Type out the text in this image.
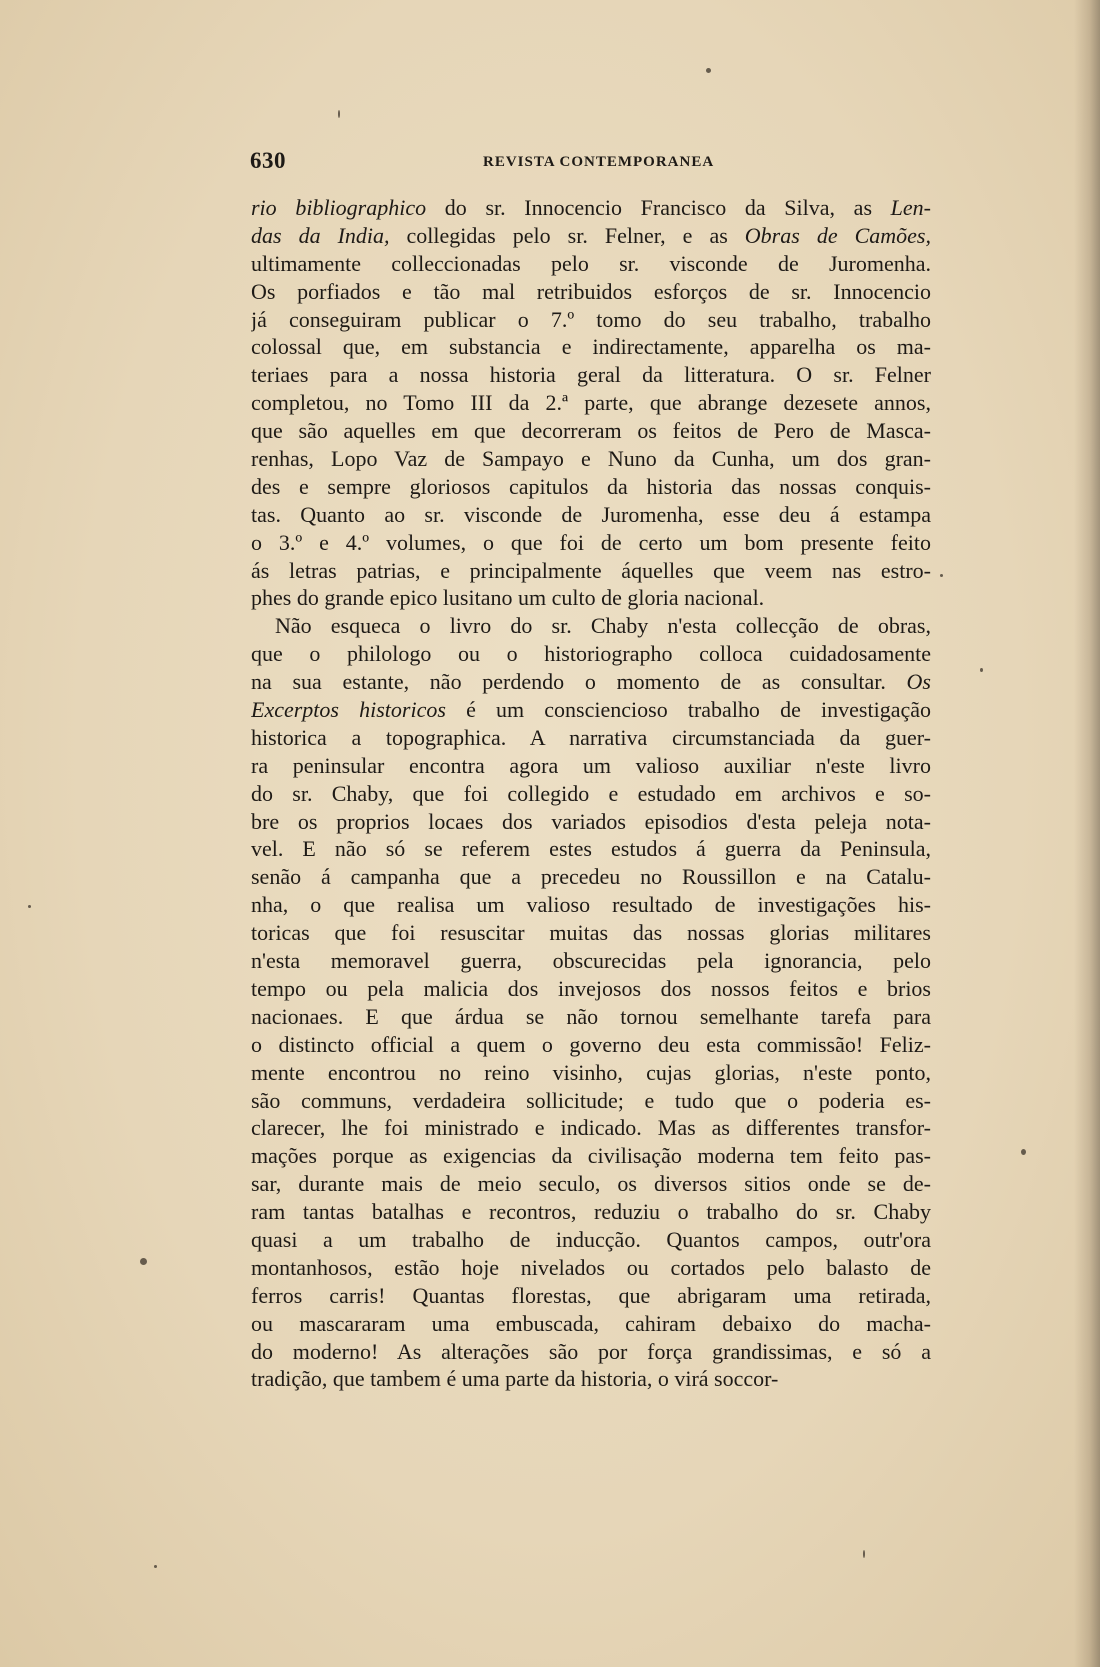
630	REVISTA CONTEMPORANEA
rio bibliographico do sr. Innocencio Francisco da Silva, as Len-
das da India, collegidas pelo sr. Felner, e as Obras de Camões,
ultimamente colleccionadas pelo sr. visconde de Juromenha.
Os porfiados e tão mal retribuidos esforços de sr. Innocencio
já conseguiram publicar o 7.º tomo do seu trabalho, trabalho
colossal que, em substancia e indirectamente, apparelha os ma-
teriaes para a nossa historia geral da litteratura. O sr. Felner
completou, no Tomo III da 2.ª parte, que abrange dezesete annos,
que são aquelles em que decorreram os feitos de Pero de Masca-
renhas, Lopo Vaz de Sampayo e Nuno da Cunha, um dos gran-
des e sempre gloriosos capitulos da historia das nossas conquis-
tas. Quanto ao sr. visconde de Juromenha, esse deu á estampa
o 3.º e 4.º volumes, o que foi de certo um bom presente feito
ás letras patrias, e principalmente áquelles que veem nas estro-
phes do grande epico lusitano um culto de gloria nacional.
Não esqueca o livro do sr. Chaby n'esta collecção de obras,
que o philologo ou o historiographo colloca cuidadosamente
na sua estante, não perdendo o momento de as consultar. Os
Excerptos historicos é um consciencioso trabalho de investigação
historica a topographica. A narrativa circumstanciada da guer-
ra peninsular encontra agora um valioso auxiliar n'este livro
do sr. Chaby, que foi collegido e estudado em archivos e so-
bre os proprios locaes dos variados episodios d'esta peleja nota-
vel. E não só se referem estes estudos á guerra da Peninsula,
senão á campanha que a precedeu no Roussillon e na Catalu-
nha, o que realisa um valioso resultado de investigações his-
toricas que foi resuscitar muitas das nossas glorias militares
n'esta memoravel guerra, obscurecidas pela ignorancia, pelo
tempo ou pela malicia dos invejosos dos nossos feitos e brios
nacionaes. E que árdua se não tornou semelhante tarefa para
o distincto official a quem o governo deu esta commissão! Feliz-
mente encontrou no reino visinho, cujas glorias, n'este ponto,
são communs, verdadeira sollicitude; e tudo que o poderia es-
clarecer, lhe foi ministrado e indicado. Mas as differentes transfor-
mações porque as exigencias da civilisação moderna tem feito pas-
sar, durante mais de meio seculo, os diversos sitios onde se de-
ram tantas batalhas e recontros, reduziu o trabalho do sr. Chaby
quasi a um trabalho de inducção. Quantos campos, outr'ora
montanhosos, estão hoje nivelados ou cortados pelo balasto de
ferros carris! Quantas florestas, que abrigaram uma retirada,
ou mascararam uma embuscada, cahiram debaixo do macha-
do moderno! As alterações são por força grandissimas, e só a
tradição, que tambem é uma parte da historia, o virá soccor-
